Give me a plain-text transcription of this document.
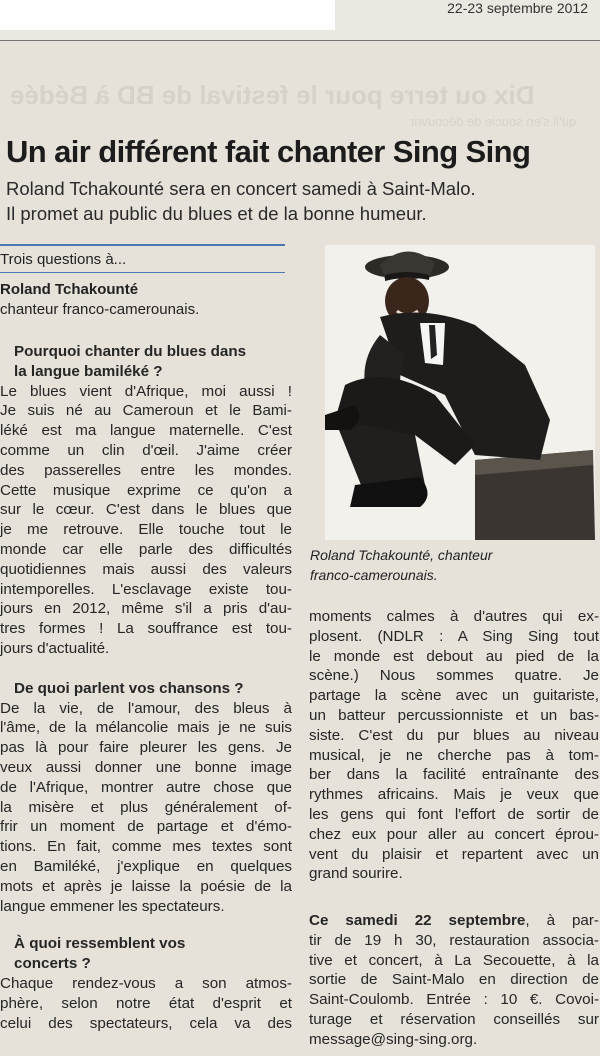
22-23 septembre 2012
Dix ou terre pour le festival de BD à Bédée
qu'il s'en soucie de découvrir
Un air différent fait chanter Sing Sing
Roland Tchakounté sera en concert samedi à Saint-Malo.
Il promet au public du blues et de la bonne humeur.
Trois questions à...
Roland Tchakounté
chanteur franco-camerounais.
Pourquoi chanter du blues dans
la langue bamiléké ?
Le blues vient d'Afrique, moi aussi !
Je suis né au Cameroun et le Bami-
léké est ma langue maternelle. C'est
comme un clin d'œil. J'aime créer
des passerelles entre les mondes.
Cette musique exprime ce qu'on a
sur le cœur. C'est dans le blues que
je me retrouve. Elle touche tout le
monde car elle parle des difficultés
quotidiennes mais aussi des valeurs
intemporelles. L'esclavage existe tou-
jours en 2012, même s'il a pris d'au-
tres formes ! La souffrance est tou-
jours d'actualité.
De quoi parlent vos chansons ?
De la vie, de l'amour, des bleus à
l'âme, de la mélancolie mais je ne suis
pas là pour faire pleurer les gens. Je
veux aussi donner une bonne image
de l'Afrique, montrer autre chose que
la misère et plus généralement of-
frir un moment de partage et d'émo-
tions. En fait, comme mes textes sont
en Bamiléké, j'explique en quelques
mots et après je laisse la poésie de la
langue emmener les spectateurs.
À quoi ressemblent vos
concerts ?
Chaque rendez-vous a son atmos-
phère, selon notre état d'esprit et
celui des spectateurs, cela va des
Roland Tchakounté, chanteur
franco-camerounais.
moments calmes à d'autres qui ex-
plosent. (NDLR : A Sing Sing tout
le monde est debout au pied de la
scène.) Nous sommes quatre. Je
partage la scène avec un guitariste,
un batteur percussionniste et un bas-
siste. C'est du pur blues au niveau
musical, je ne cherche pas à tom-
ber dans la facilité entraînante des
rythmes africains. Mais je veux que
les gens qui font l'effort de sortir de
chez eux pour aller au concert éprou-
vent du plaisir et repartent avec un
grand sourire.
Ce samedi 22 septembre, à par-
tir de 19 h 30, restauration associa-
tive et concert, à La Secouette, à la
sortie de Saint-Malo en direction de
Saint-Coulomb. Entrée : 10 €. Covoi-
turage et réservation conseillés sur
message@sing-sing.org.
